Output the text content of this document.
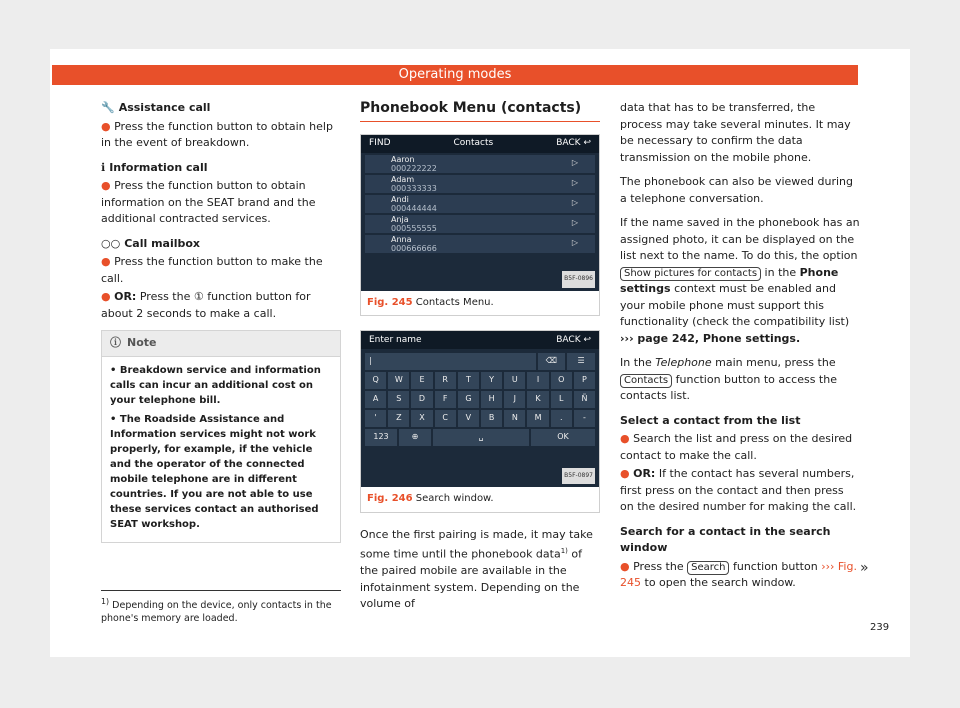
Operating modes
🔧 Assistance call

● Press the function button to obtain help in the event of breakdown.

ℹ Information call

● Press the function button to obtain information on the SEAT brand and the additional contracted services.

○○ Call mailbox

● Press the function button to make the call.

● OR: Press the ① function button for about 2 seconds to make a call.

ⓘ Note
• Breakdown service and information calls can incur an additional cost on your telephone bill.
• The Roadside Assistance and Information services might not work properly, for example, if the vehicle and the operator of the connected mobile telephone are in different countries. If you are not able to use these services contact an authorised SEAT workshop.
Phonebook Menu (contacts)
FIND	Contacts	BACK ↩
Aaron
000222222
▷
Adam
000333333
▷
Andi
000444444
▷
Anja
000555555
▷
Anna
000666666
▷
B5F-0896
Fig. 245 Contacts Menu.
Enter name	BACK ↩
|	⌫	☰
Q	W	E	R	T	Y	U	I	O	P
A	S	D	F	G	H	J	K	L	Ñ
'	Z	X	C	V	B	N	M	.	-
123	⊕	␣	OK
B5F-0897
Fig. 246 Search window.

Once the first pairing is made, it may take some time until the phonebook data$^{1)}$ of the paired mobile are available in the infotainment system. Depending on the volume of

data that has to be transferred, the process may take several minutes. It may be necessary to confirm the data transmission on the mobile phone.

The phonebook can also be viewed during a telephone conversation.

If the name saved in the phonebook has an assigned photo, it can be displayed on the list next to the name. To do this, the option Show pictures for contacts in the Phone settings context must be enabled and your mobile phone must support this functionality (check the compatibility list) ››› page 242, Phone settings.

In the Telephone main menu, press the Contacts function button to access the contacts list.

Select a contact from the list

● Search the list and press on the desired contact to make the call.

● OR: If the contact has several numbers, first press on the contact and then press on the desired number for making the call.

Search for a contact in the search window

● Press the Search function button ››› Fig. 245 to open the search window.

»
$^{1)}$ Depending on the device, only contacts in the phone's memory are loaded.
239
